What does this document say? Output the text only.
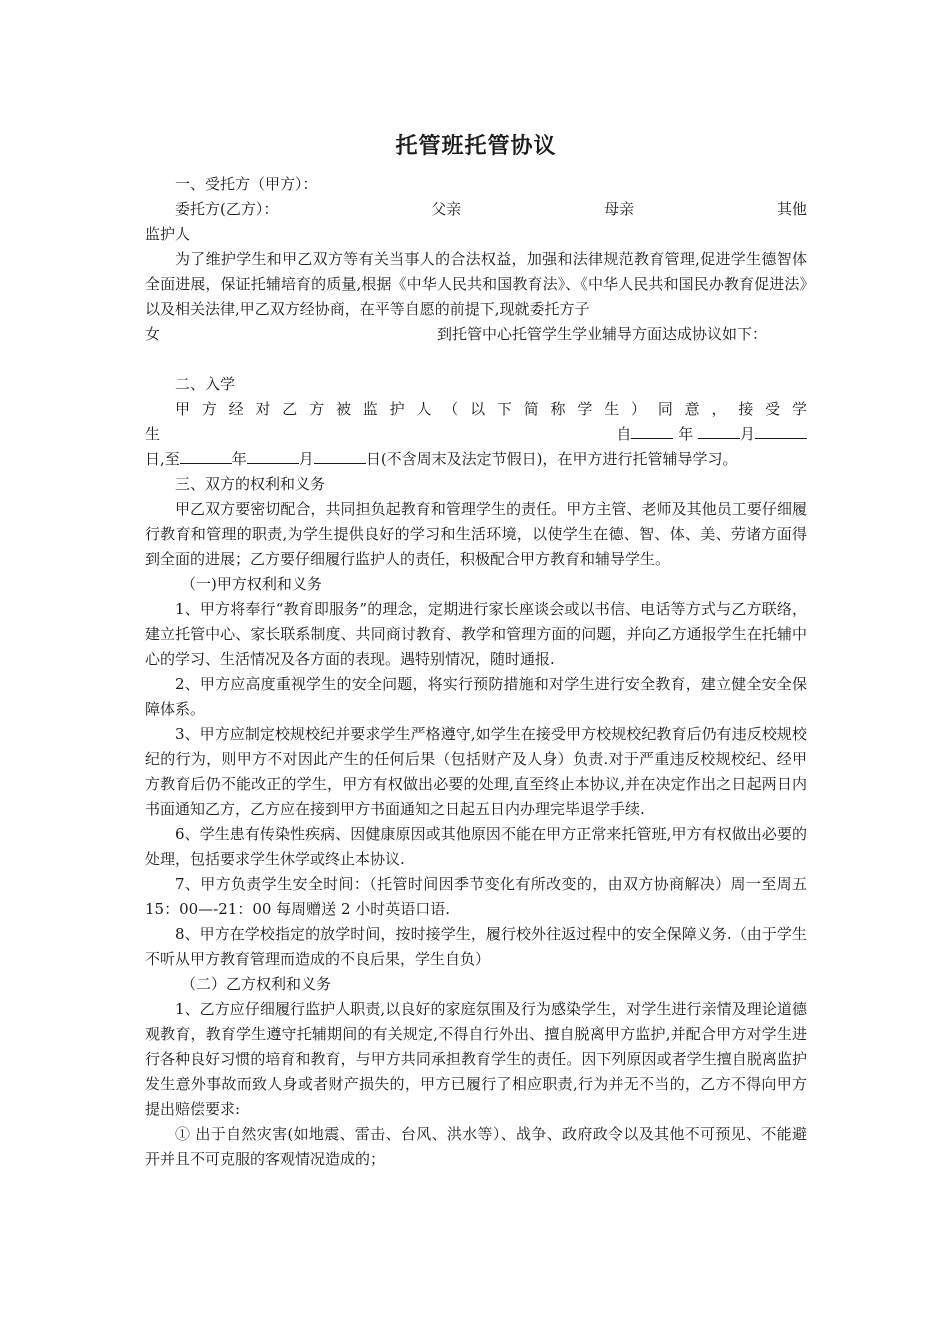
托管班托管协议

一、受托方（甲方）：

委托方(乙方）：	父亲	母亲	其他

监护人

为了维护学生和甲乙双方等有关当事人的合法权益，加强和法律规范教育管理,促进学生德智体全面进展，保证托辅培育的质量,根据《中华人民共和国教育法》、《中华人民共和国民办教育促进法》以及相关法律,甲乙双方经协商，在平等自愿的前提下,现就委托方子

女	到托管中心托管学生学业辅导方面达成协议如下：

二、入学

甲方经对乙方被监护人（以下简称学生）同意，接受学

生	自	年	月

日,至	年	月	日(不含周末及法定节假日)，在甲方进行托管辅导学习。

三、双方的权利和义务

甲乙双方要密切配合，共同担负起教育和管理学生的责任。甲方主管、老师及其他员工要仔细履行教育和管理的职责,为学生提供良好的学习和生活环境，以使学生在德、智、体、美、劳诸方面得到全面的进展；乙方要仔细履行监护人的责任，积极配合甲方教育和辅导学生。

（一)甲方权利和义务

1、甲方将奉行“教育即服务”的理念，定期进行家长座谈会或以书信、电话等方式与乙方联络，建立托管中心、家长联系制度、共同商讨教育、教学和管理方面的问题，并向乙方通报学生在托辅中心的学习、生活情况及各方面的表现。遇特别情况，随时通报.

2、甲方应高度重视学生的安全问题，将实行预防措施和对学生进行安全教育，建立健全安全保障体系。

3、甲方应制定校规校纪并要求学生严格遵守,如学生在接受甲方校规校纪教育后仍有违反校规校纪的行为，则甲方不对因此产生的任何后果（包括财产及人身）负责.对于严重违反校规校纪、经甲方教育后仍不能改正的学生，甲方有权做出必要的处理,直至终止本协议,并在决定作出之日起两日内书面通知乙方，乙方应在接到甲方书面通知之日起五日内办理完毕退学手续.

6、学生患有传染性疾病、因健康原因或其他原因不能在甲方正常来托管班,甲方有权做出必要的处理，包括要求学生休学或终止本协议.

7、甲方负责学生安全时间：（托管时间因季节变化有所改变的，由双方协商解决）周一至周五 15：00—-21：00 每周赠送 2 小时英语口语.

8、甲方在学校指定的放学时间，按时接学生，履行校外往返过程中的安全保障义务.（由于学生不听从甲方教育管理而造成的不良后果，学生自负）

（二）乙方权利和义务

1、乙方应仔细履行监护人职责,以良好的家庭氛围及行为感染学生，对学生进行亲情及理论道德观教育，教育学生遵守托辅期间的有关规定,不得自行外出、擅自脱离甲方监护,并配合甲方对学生进行各种良好习惯的培育和教育，与甲方共同承担教育学生的责任。因下列原因或者学生擅自脱离监护发生意外事故而致人身或者财产损失的，甲方已履行了相应职责,行为并无不当的，乙方不得向甲方提出赔偿要求:

① 出于自然灾害(如地震、雷击、台风、洪水等）、战争、政府政令以及其他不可预见、不能避开并且不可克服的客观情况造成的；
